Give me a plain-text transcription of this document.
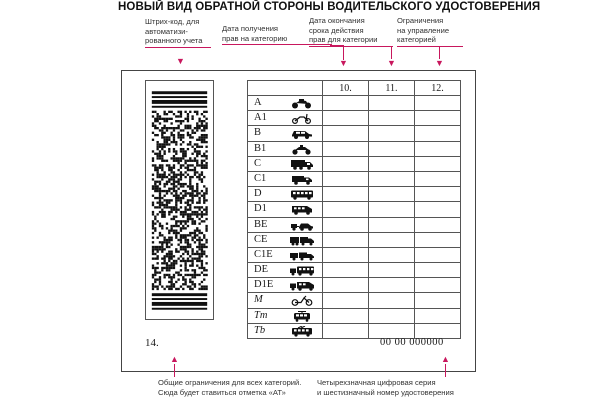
НОВЫЙ ВИД ОБРАТНОЙ СТОРОНЫ ВОДИТЕЛЬСКОГО УДОСТОВЕРЕНИЯ
Штрих-код, для
автоматизи-
рованного учета
▼
Дата получения
прав на категорию
▼
Дата окончания
срока действия
прав для категории
▼
Ограничения
на управление
категорией
▼
	10.	11.	12.

A			

A1			

B			

B1			

C			

C1			

D			

D1			

BE			

CE			

C1E			

DE			

D1E			

M			

Tm			

Tb			

14.	00 00 000000
▲
Общие ограничения для всех категорий.
Сюда будет ставиться отметка «АТ»
▲
Четырехзначная цифровая серия
и шестизначный номер удостоверения
